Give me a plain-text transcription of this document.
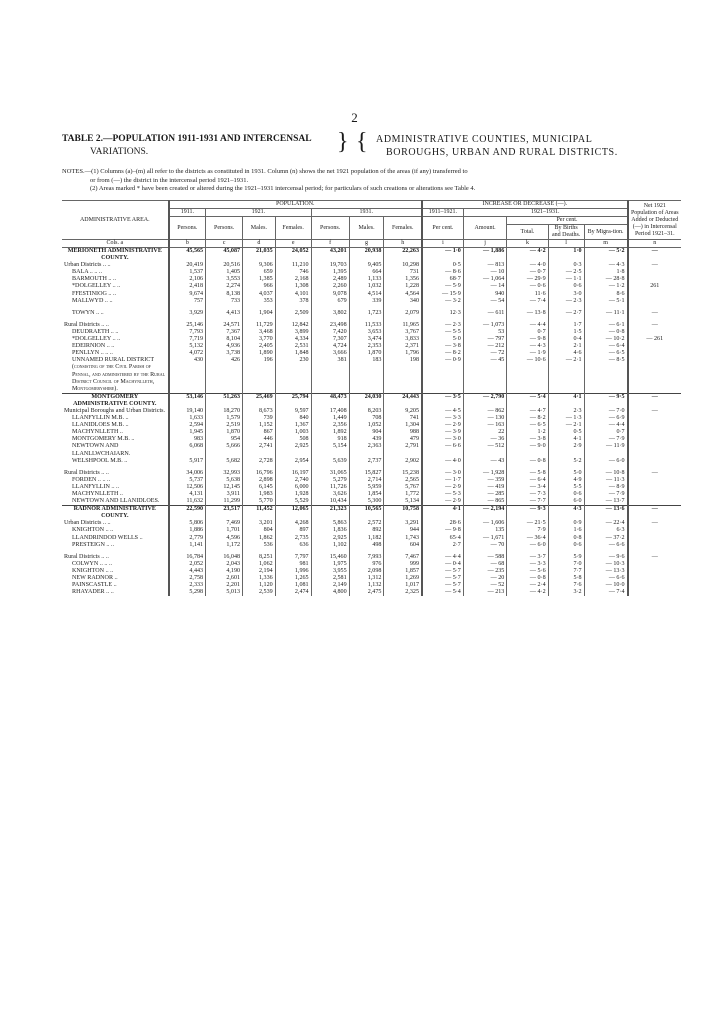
2
TABLE 2.—POPULATION 1911-1931 AND INTERCENSAL
VARIATIONS.	} { ADMINISTRATIVE COUNTIES, MUNICIPAL
BOROUGHS, URBAN AND RURAL DISTRICTS.
NOTES.—(1) Columns (a)–(m) all refer to the districts as constituted in 1931. Column (n) shows the net 1921 population of the areas (if any) transferred to
or from (—) the district in the intercensal period 1921–1931.
(2) Areas marked * have been created or altered during the 1921–1931 intercensal period; for particulars of such creations or alterations see Table 4.
ADMINISTRATIVE AREA.	POPULATION.							INCREASE OR DECREASE (—).					Net 1921 Population of Areas Added or Deducted (—) in Intercensal Period 1921–31.
	1911.	1921.			1931.			1911–1921.	1921–1931.				
	Persons.	Persons.	Males.	Females.	Persons.	Males.	Females.	Per cent.	Amount.	Per cent.			
										Total.	By Births and Deaths.	By Migra-tion.	
Cols. a	b	c	d	e	f	g	h	i	j	k	l	m	n
MERIONETH ADMINISTRATIVE COUNTY.	45,565	45,087	21,035	24,052	43,201	20,938	22,263	— 1·0	— 1,886	— 4·2	1·0	— 5·2	—
Urban Districts .. ..	20,419	20,516	9,306	11,210	19,703	9,405	10,298	0·5	— 813	— 4·0	0·3	— 4·3	—
BALA .. .. ..	1,537	1,405	659	746	1,395	664	731	— 8·6	— 10	— 0·7	— 2·5	1·8	
BARMOUTH .. ..	2,106	3,553	1,385	2,168	2,489	1,133	1,356	68·7	— 1,064	— 29·9	— 1·1	— 28·8	
*DOLGELLEY .. ..	2,418	2,274	966	1,308	2,260	1,032	1,228	— 5·9	— 14	— 0·6	0·6	— 1·2	261
FFESTINIOG .. ..	9,674	8,138	4,037	4,101	9,078	4,514	4,564	— 15·9	940	11·6	3·0	8·6	
MALLWYD .. ..	757	733	353	378	679	339	340	— 3·2	— 54	— 7·4	— 2·3	— 5·1	

TOWYN .. ..	3,929	4,413	1,904	2,509	3,802	1,723	2,079	12·3	— 611	— 13·8	— 2·7	— 11·1	—

Rural Districts .. ..	25,146	24,571	11,729	12,842	23,498	11,533	11,965	— 2·3	— 1,073	— 4·4	1·7	— 6·1	—
DEUDRAETH .. ..	7,793	7,367	3,468	3,899	7,420	3,653	3,767	— 5·5	53	0·7	1·5	— 0·8	
*DOLGELLEY .. ..	7,719	8,104	3,770	4,334	7,307	3,474	3,833	5·0	— 797	— 9·8	0·4	— 10·2	— 261
EDEIRNION .. ..	5,132	4,936	2,405	2,531	4,724	2,353	2,371	— 3·8	— 212	— 4·3	2·1	— 6·4	
PENLLYN .. .. ..	4,072	3,738	1,890	1,848	3,666	1,870	1,796	— 8·2	— 72	— 1·9	4·6	— 6·5	
UNNAMED RURAL DISTRICT (consisting of the Civil Parish of Pennal, and administered by the Rural District Council of Machynlleth, Montgomeryshire).	430	426	196	230	381	183	198	— 0·9	— 45	— 10·6	— 2·1	— 8·5	

MONTGOMERY ADMINISTRATIVE COUNTY.	53,146	51,263	25,469	25,794	48,473	24,030	24,443	— 3·5	— 2,790	— 5·4	4·1	— 9·5	—
Municipal Boroughs and Urban Districts.	19,140	18,270	8,673	9,597	17,408	8,203	9,205	— 4·5	— 862	— 4·7	2·3	— 7·0	—
LLANFYLLIN M.B. ..	1,633	1,579	739	840	1,449	708	741	— 3·3	— 130	— 8·2	— 1·3	— 6·9	
LLANIDLOES M.B. ..	2,594	2,519	1,152	1,367	2,356	1,052	1,304	— 2·9	— 163	— 6·5	— 2·1	— 4·4	
MACHYNLLETH ..	1,945	1,870	867	1,003	1,892	904	988	— 3·9	22	1·2	0·5	0·7	
MONTGOMERY M.B. ..	983	954	446	508	918	439	479	— 3·0	— 36	— 3·8	4·1	— 7·9	
NEWTOWN AND LLANLLWCHAIARN.	6,068	5,666	2,741	2,925	5,154	2,363	2,791	— 6·6	— 512	— 9·0	2·9	— 11·9	
WELSHPOOL M.B. ..	5,917	5,682	2,728	2,954	5,639	2,737	2,902	— 4·0	— 43	— 0·8	5·2	— 6·0	

Rural Districts .. ..	34,006	32,993	16,796	16,197	31,065	15,827	15,238	— 3·0	— 1,928	— 5·8	5·0	— 10·8	—
FORDEN .. .. ..	5,737	5,638	2,898	2,740	5,279	2,714	2,565	— 1·7	— 359	— 6·4	4·9	— 11·3	
LLANFYLLIN .. ..	12,506	12,145	6,145	6,000	11,726	5,959	5,767	— 2·9	— 419	— 3·4	5·5	— 8·9	
MACHYNLLETH ..	4,131	3,911	1,983	1,928	3,626	1,854	1,772	— 5·3	— 285	— 7·3	0·6	— 7·9	
NEWTOWN AND LLANIDLOES.	11,632	11,299	5,770	5,529	10,434	5,300	5,134	— 2·9	— 865	— 7·7	6·0	— 13·7	

RADNOR ADMINISTRATIVE COUNTY.	22,590	23,517	11,452	12,065	21,323	10,565	10,758	4·1	— 2,194	— 9·3	4·3	— 13·6	—
Urban Districts .. ..	5,806	7,469	3,201	4,268	5,863	2,572	3,291	28·6	— 1,606	— 21·5	0·9	— 22·4	—
KNIGHTON .. ..	1,886	1,701	804	897	1,836	892	944	— 9·8	135	7·9	1·6	6·3	
LLANDRINDOD WELLS ..	2,779	4,596	1,862	2,735	2,925	1,182	1,743	65·4	— 1,671	— 36·4	0·8	— 37·2	
PRESTEIGN .. ..	1,141	1,172	536	636	1,102	498	604	2·7	— 70	— 6·0	0·6	— 6·6	

Rural Districts .. ..	16,784	16,048	8,251	7,797	15,460	7,993	7,467	— 4·4	— 588	— 3·7	5·9	— 9·6	—
COLWYN .. .. ..	2,052	2,043	1,062	981	1,975	976	999	— 0·4	— 68	— 3·3	7·0	— 10·3	
KNIGHTON .. ..	4,443	4,190	2,194	1,996	3,955	2,098	1,857	— 5·7	— 235	— 5·6	7·7	— 13·3	
NEW RADNOR ..	2,758	2,601	1,336	1,265	2,581	1,312	1,269	— 5·7	— 20	— 0·8	5·8	— 6·6	
PAINSCASTLE ..	2,333	2,201	1,120	1,081	2,149	1,132	1,017	— 5·7	— 52	— 2·4	7·6	— 10·0	
RHAYADER .. ..	5,298	5,013	2,539	2,474	4,800	2,475	2,325	— 5·4	— 213	— 4·2	3·2	— 7·4	
